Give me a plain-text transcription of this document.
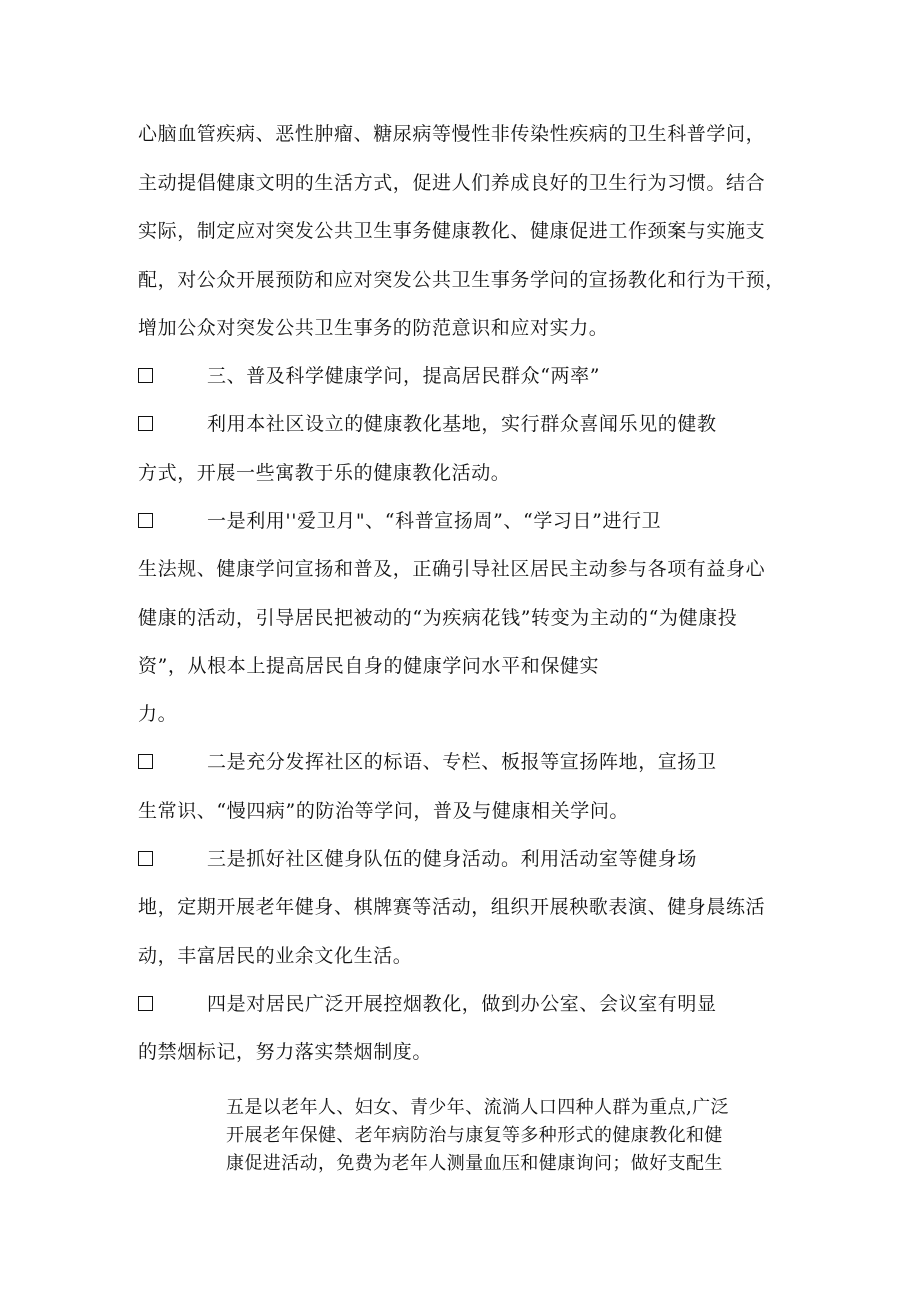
心脑血管疾病、恶性肿瘤、糖尿病等慢性非传染性疾病的卫生科普学问，
主动提倡健康文明的生活方式，促进人们养成良好的卫生行为习惯。结合
实际，制定应对突发公共卫生事务健康教化、健康促进工作颈案与实施支
配，对公众开展预防和应对突发公共卫生事务学问的宣扬教化和行为干预，
增加公众对突发公共卫生事务的防范意识和应对实力。
三、普及科学健康学问，提高居民群众“两率”
利用本社区设立的健康教化基地，实行群众喜闻乐见的健教
方式，开展一些寓教于乐的健康教化活动。
一是利用''爱卫月"、“科普宣扬周”、“学习日”进行卫
生法规、健康学问宣扬和普及，正确引导社区居民主动参与各项有益身心
健康的活动，引导居民把被动的“为疾病花钱”转变为主动的“为健康投
资”，从根本上提高居民自身的健康学问水平和保健实
力。
二是充分发挥社区的标语、专栏、板报等宣扬阵地，宣扬卫
生常识、“慢四病”的防治等学问，普及与健康相关学问。
三是抓好社区健身队伍的健身活动。利用活动室等健身场
地，定期开展老年健身、棋牌赛等活动，组织开展秧歌表演、健身晨练活
动，丰富居民的业余文化生活。
四是对居民广泛开展控烟教化，做到办公室、会议室有明显
的禁烟标记，努力落实禁烟制度。
五是以老年人、妇女、青少年、流淌人口四种人群为重点,广泛
开展老年保健、老年病防治与康复等多种形式的健康教化和健
康促进活动，免费为老年人测量血压和健康询问；做好支配生
